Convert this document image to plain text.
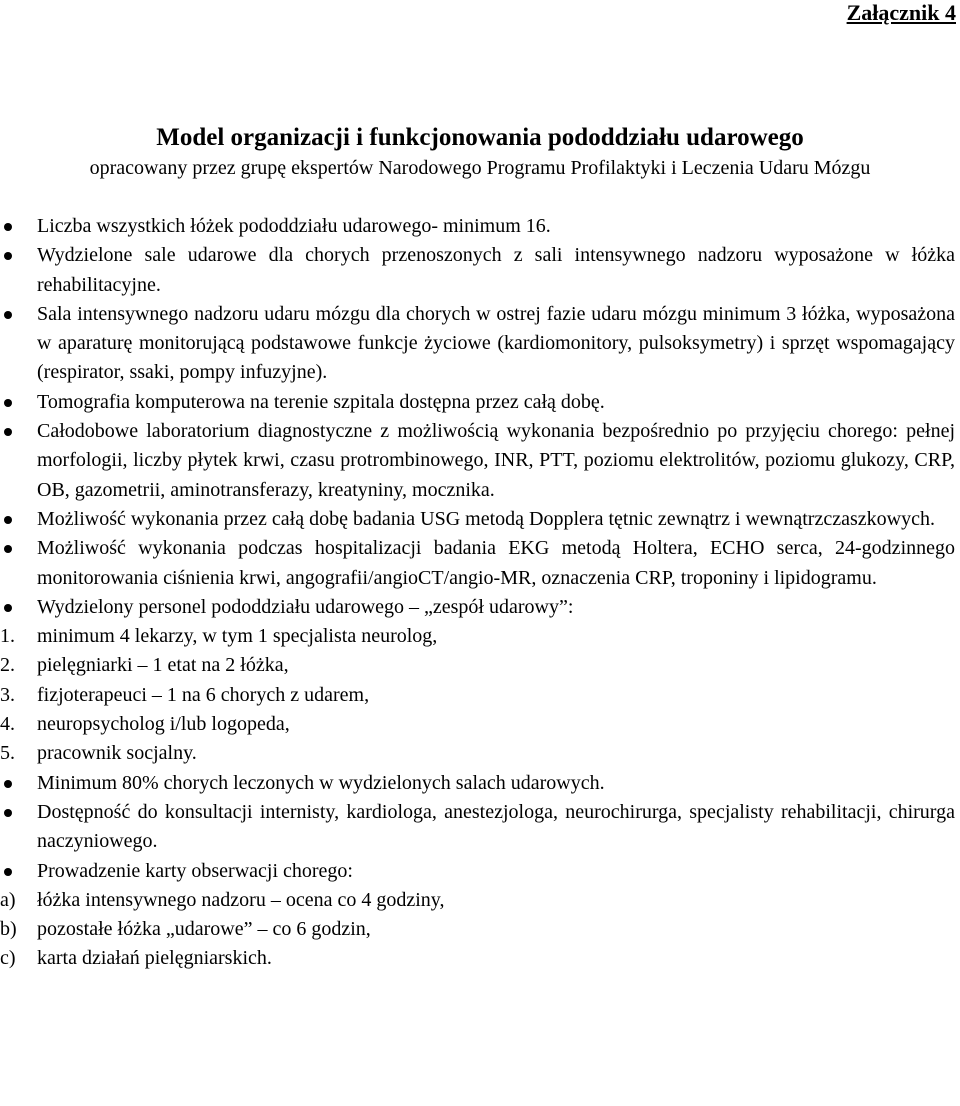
Załącznik 4
Model organizacji i funkcjonowania pododdziału udarowego
opracowany przez grupę ekspertów Narodowego Programu Profilaktyki i Leczenia Udaru Mózgu
Liczba wszystkich łóżek pododdziału udarowego- minimum 16.
Wydzielone sale udarowe dla chorych przenoszonych z sali intensywnego nadzoru wyposażone w łóżka rehabilitacyjne.
Sala intensywnego nadzoru udaru mózgu dla chorych w ostrej fazie udaru mózgu minimum 3 łóżka, wyposażona w aparaturę monitorującą podstawowe funkcje życiowe (kardiomonitory, pulsoksymetry) i sprzęt wspomagający (respirator, ssaki, pompy infuzyjne).
Tomografia komputerowa na terenie szpitala dostępna przez całą dobę.
Całodobowe laboratorium diagnostyczne z możliwością wykonania bezpośrednio po przyjęciu chorego: pełnej morfologii, liczby płytek krwi, czasu protrombinowego, INR, PTT, poziomu elektrolitów, poziomu glukozy, CRP, OB, gazometrii, aminotransferazy, kreatyniny, mocznika.
Możliwość wykonania przez całą dobę badania USG metodą Dopplera tętnic zewnątrz i wewnątrzczaszkowych.
Możliwość wykonania podczas hospitalizacji badania EKG metodą Holtera, ECHO serca, 24-godzinnego monitorowania ciśnienia krwi, angografii/angioCT/angio-MR, oznaczenia CRP, troponiny i lipidogramu.
Wydzielony personel pododdziału udarowego – „zespół udarowy”:
1.	minimum 4 lekarzy, w tym 1 specjalista neurolog,
2.	pielęgniarki – 1 etat na 2 łóżka,
3.	fizjoterapeuci – 1 na 6 chorych z udarem,
4.	neuropsycholog i/lub logopeda,
5.	pracownik socjalny.
Minimum 80% chorych leczonych w wydzielonych salach udarowych.
Dostępność do konsultacji internisty, kardiologa, anestezjologa, neurochirurga, specjalisty rehabilitacji, chirurga naczyniowego.
Prowadzenie karty obserwacji chorego:
a)	łóżka intensywnego nadzoru – ocena co 4 godziny,
b)	pozostałe łóżka „udarowe” – co 6 godzin,
c)	karta działań pielęgniarskich.
